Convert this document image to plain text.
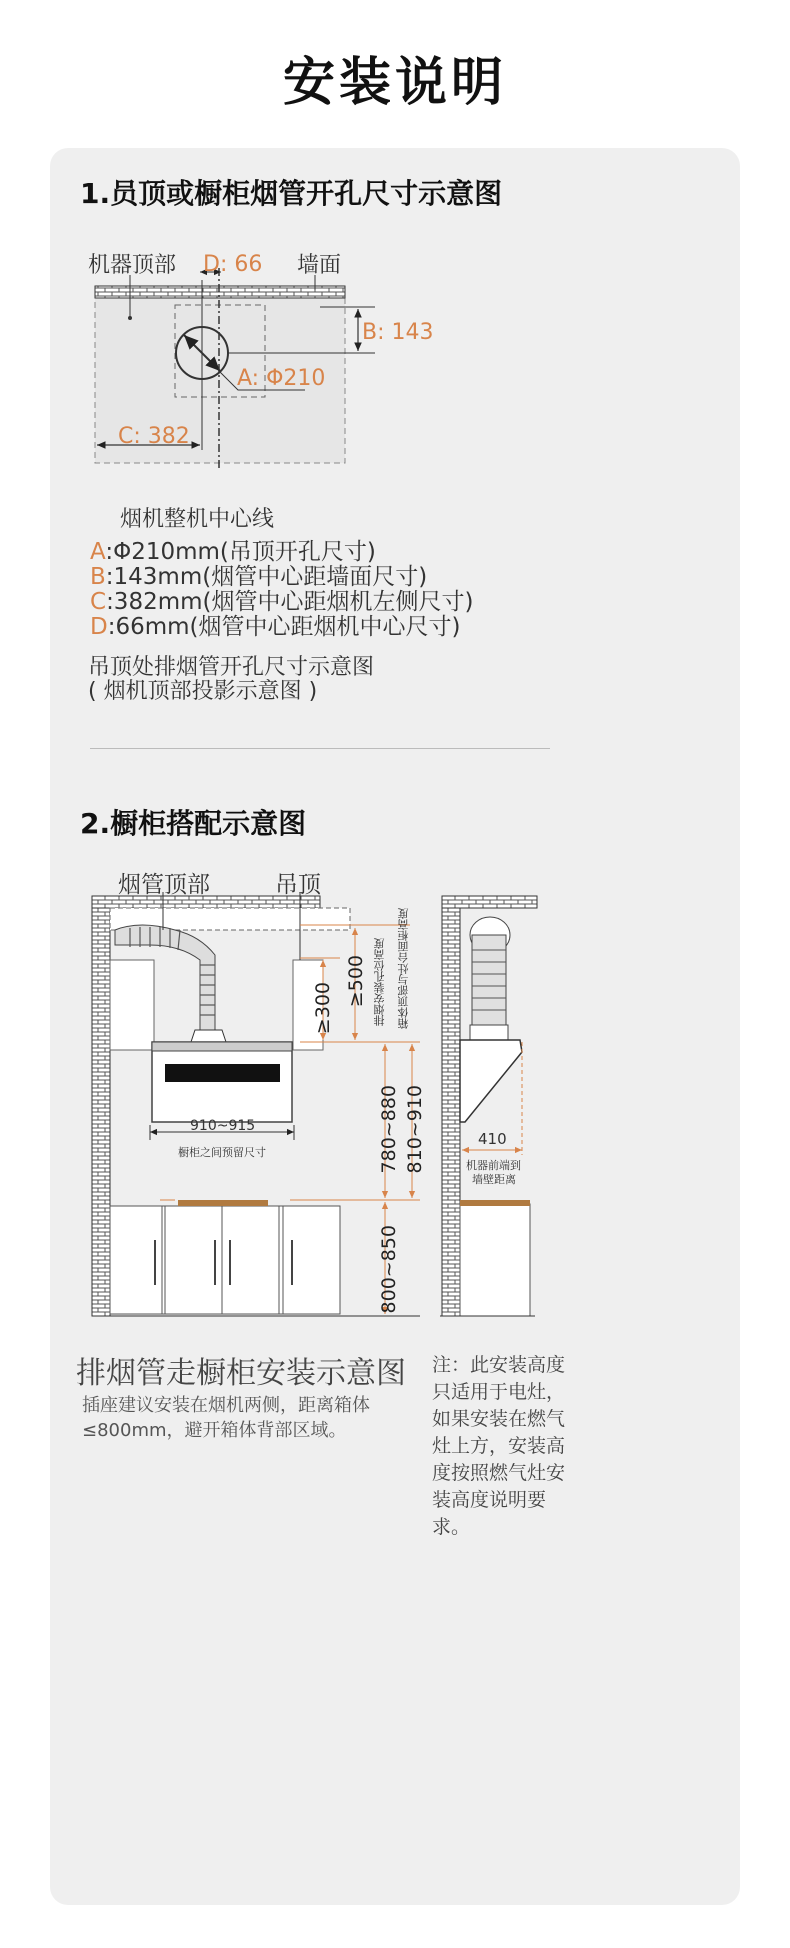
安装说明
1.员顶或橱柜烟管开孔尺寸示意图
机器顶部 D: 66 墙面
B: 143
A: Φ210
C: 382
烟机整机中心线
A:Φ210mm(吊顶开孔尺寸)
B:143mm(烟管中心距墙面尺寸)
C:382mm(烟管中心距烟机左侧尺寸)
D:66mm(烟管中心距烟机中心尺寸)
吊顶处排烟管开孔尺寸示意图
( 烟机顶部投影示意图 )
2.橱柜搭配示意图
烟管顶部	吊顶
≥500
≥300	排烟安装孔位高度 箱体顶部与灶台面柜高度
910~915
橱柜之间预留尺寸	780~880 810~910
800~850
410
机器前端到
墙壁距离
排烟管走橱柜安装示意图
插座建议安装在烟机两侧，距离箱体
≤800mm，避开箱体背部区域。
注：此安装高度只适用于电灶，如果安装在燃气灶上方，安装高度按照燃气灶安装高度说明要求。
